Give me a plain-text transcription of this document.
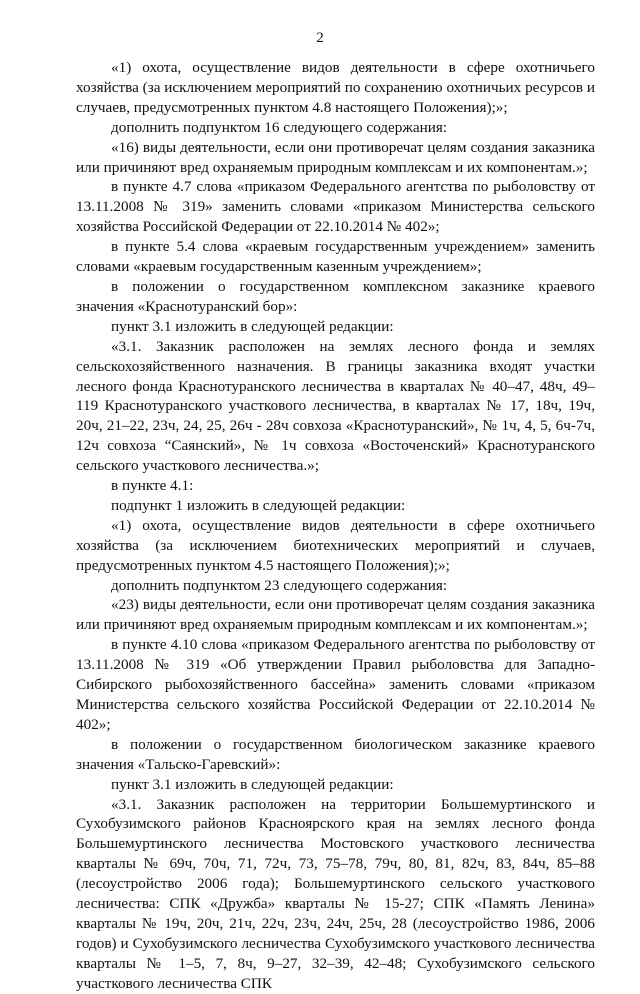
2

«1) охота, осуществление видов деятельности в сфере охотничьего хозяйства (за исключением мероприятий по сохранению охотничьих ресурсов и случаев, предусмотренных пунктом 4.8 настоящего Положения);»;

дополнить подпунктом 16 следующего содержания:

«16) виды деятельности, если они противоречат целям создания заказника или причиняют вред охраняемым природным комплексам и их компонентам.»;

в пункте 4.7 слова «приказом Федерального агентства по рыболовству от 13.11.2008 № 319» заменить словами «приказом Министерства сельского хозяйства Российской Федерации от 22.10.2014 № 402»;

в пункте 5.4 слова «краевым государственным учреждением» заменить словами «краевым государственным казенным учреждением»;

в положении о государственном комплексном заказнике краевого значения «Краснотуранский бор»:

пункт 3.1 изложить в следующей редакции:

«3.1. Заказник расположен на землях лесного фонда и землях сельскохозяйственного назначения. В границы заказника входят участки лесного фонда Краснотуранского лесничества в кварталах № 40–47, 48ч, 49–119 Краснотуранского участкового лесничества, в кварталах № 17, 18ч, 19ч, 20ч, 21–22, 23ч, 24, 25, 26ч - 28ч совхоза «Краснотуранский», № 1ч, 4, 5, 6ч-7ч, 12ч совхоза “Саянский», № 1ч совхоза «Восточенский» Краснотуранского сельского участкового лесничества.»;

в пункте 4.1:

подпункт 1 изложить в следующей редакции:

«1) охота, осуществление видов деятельности в сфере охотничьего хозяйства (за исключением биотехнических мероприятий и случаев, предусмотренных пунктом 4.5 настоящего Положения);»;

дополнить подпунктом 23 следующего содержания:

«23) виды деятельности, если они противоречат целям создания заказника или причиняют вред охраняемым природным комплексам и их компонентам.»;

в пункте 4.10 слова «приказом Федерального агентства по рыболовству от 13.11.2008 № 319 «Об утверждении Правил рыболовства для Западно-Сибирского рыбохозяйственного бассейна» заменить словами «приказом Министерства сельского хозяйства Российской Федерации от 22.10.2014 № 402»;

в положении о государственном биологическом заказнике краевого значения «Тальско-Гаревский»:

пункт 3.1 изложить в следующей редакции:

«3.1. Заказник расположен на территории Большемуртинского и Сухобузимского районов Красноярского края на землях лесного фонда Большемуртинского лесничества Мостовского участкового лесничества кварталы № 69ч, 70ч, 71, 72ч, 73, 75–78, 79ч, 80, 81, 82ч, 83, 84ч, 85–88 (лесоустройство 2006 года); Большемуртинского сельского участкового лесничества: СПК «Дружба» кварталы № 15-27; СПК «Память Ленина» кварталы № 19ч, 20ч, 21ч, 22ч, 23ч, 24ч, 25ч, 28 (лесоустройство 1986, 2006 годов) и Сухобузимского лесничества Сухобузимского участкового лесничества кварталы № 1–5, 7, 8ч, 9–27, 32–39, 42–48; Сухобузимского сельского участкового лесничества СПК
